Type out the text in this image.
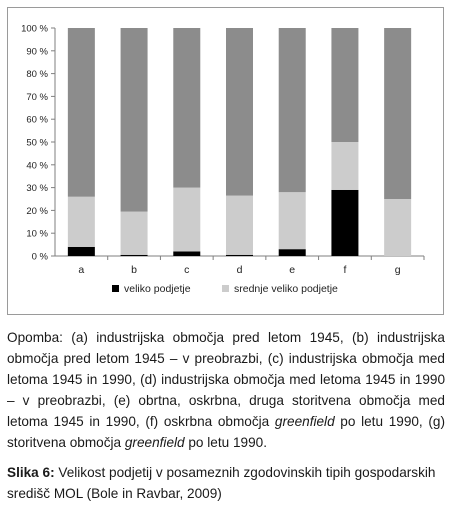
0 %
10 %
20 %
30 %
40 %
50 %
60 %
70 %
80 %
90 %
100 %
a	b	c	d	e	f	g
veliko podjetje	srednje veliko podjetje
Opomba: (a) industrijska območja pred letom 1945, (b) industrijska območja pred letom 1945 – v preobrazbi, (c) industrijska območja med letoma 1945 in 1990, (d) industrijska območja med letoma 1945 in 1990 – v preobrazbi, (e) obrtna, oskrbna, druga storitvena območja med letoma 1945 in 1990, (f) oskrbna območja greenfield po letu 1990, (g) storitvena območja greenfield po letu 1990.
Slika 6: Velikost podjetij v posameznih zgodovinskih tipih gospodarskih središč MOL (Bole in Ravbar, 2009)
